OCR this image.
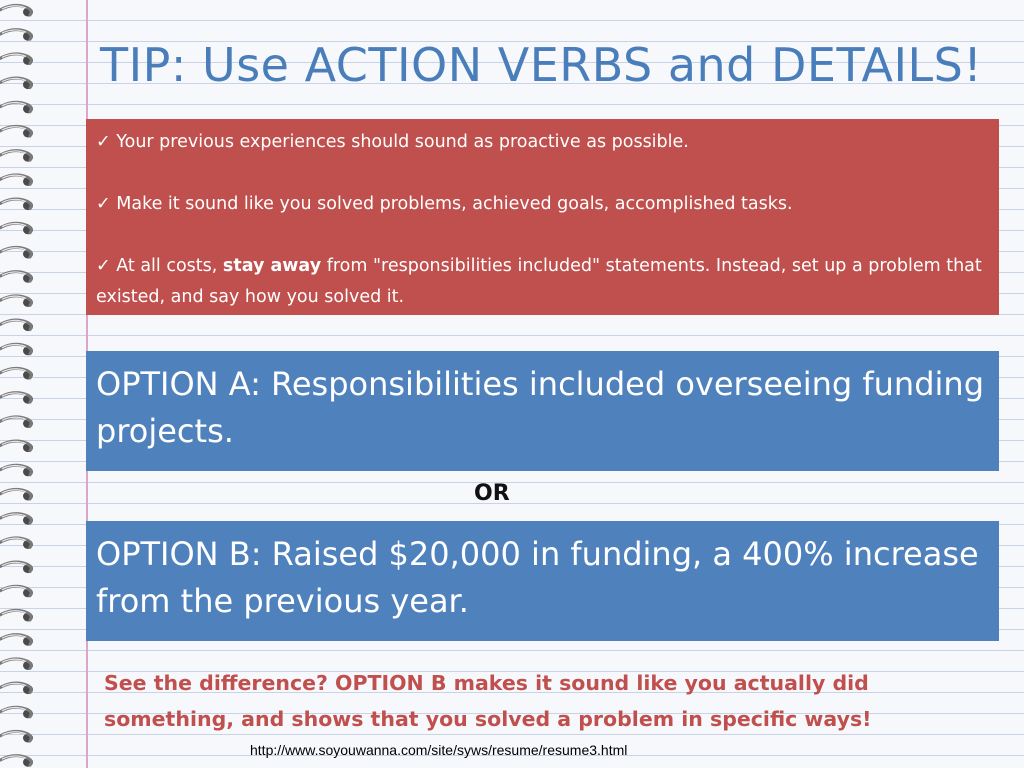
TIP: Use ACTION VERBS and DETAILS!

✓ Your previous experiences should sound as proactive as possible.

✓ Make it sound like you solved problems, achieved goals, accomplished tasks.

✓ At all costs, stay away from "responsibilities included" statements. Instead, set up a problem that existed, and say how you solved it.

OPTION A: Responsibilities included overseeing funding projects.
OR
OPTION B: Raised $20,000 in funding, a 400% increase from the previous year.
See the difference? OPTION B makes it sound like you actually did something, and shows that you solved a problem in specific ways!
http://www.soyouwanna.com/site/syws/resume/resume3.html
